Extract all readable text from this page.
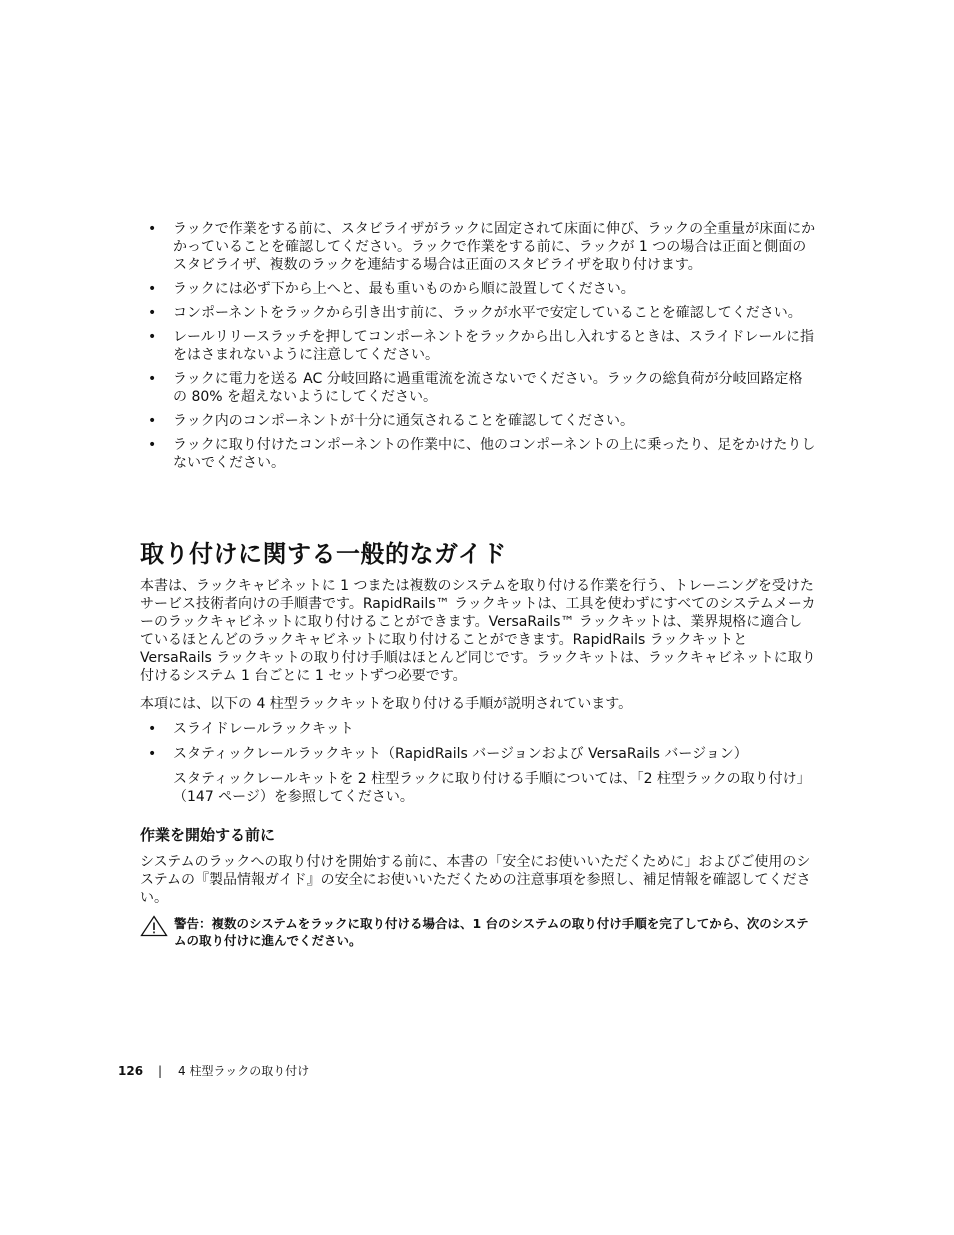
• ラックで作業をする前に、スタビライザがラックに固定されて床面に伸び、ラックの全重量が床面にかかっていることを確認してください。ラックで作業をする前に、ラックが 1 つの場合は正面と側面のスタビライザ、複数のラックを連結する場合は正面のスタビライザを取り付けます。
• ラックには必ず下から上へと、最も重いものから順に設置してください。
• コンポーネントをラックから引き出す前に、ラックが水平で安定していることを確認してください。
• レールリリースラッチを押してコンポーネントをラックから出し入れするときは、スライドレールに指をはさまれないように注意してください。
• ラックに電力を送る AC 分岐回路に過重電流を流さないでください。ラックの総負荷が分岐回路定格の 80% を超えないようにしてください。
• ラック内のコンポーネントが十分に通気されることを確認してください。
• ラックに取り付けたコンポーネントの作業中に、他のコンポーネントの上に乗ったり、足をかけたりしないでください。
取り付けに関する一般的なガイド

本書は、ラックキャビネットに 1 つまたは複数のシステムを取り付ける作業を行う、トレーニングを受けたサービス技術者向けの手順書です。RapidRails™ ラックキットは、工具を使わずにすべてのシステムメーカーのラックキャビネットに取り付けることができます。VersaRails™ ラックキットは、業界規格に適合しているほとんどのラックキャビネットに取り付けることができます。RapidRails ラックキットと VersaRails ラックキットの取り付け手順はほとんど同じです。ラックキットは、ラックキャビネットに取り付けるシステム 1 台ごとに 1 セットずつ必要です。

本項には、以下の 4 柱型ラックキットを取り付ける手順が説明されています。

• スライドレールラックキット
• スタティックレールラックキット（RapidRails バージョンおよび VersaRails バージョン）

スタティックレールキットを 2 柱型ラックに取り付ける手順については、「2 柱型ラックの取り付け」（147 ページ）を参照してください。

作業を開始する前に

システムのラックへの取り付けを開始する前に、本書の「安全にお使いいただくために」およびご使用のシステムの『製品情報ガイド』の安全にお使いいただくための注意事項を参照し、補足情報を確認してください。

警告：複数のシステムをラックに取り付ける場合は、1 台のシステムの取り付け手順を完了してから、次のシステムの取り付けに進んでください。

126 | 4 柱型ラックの取り付け
